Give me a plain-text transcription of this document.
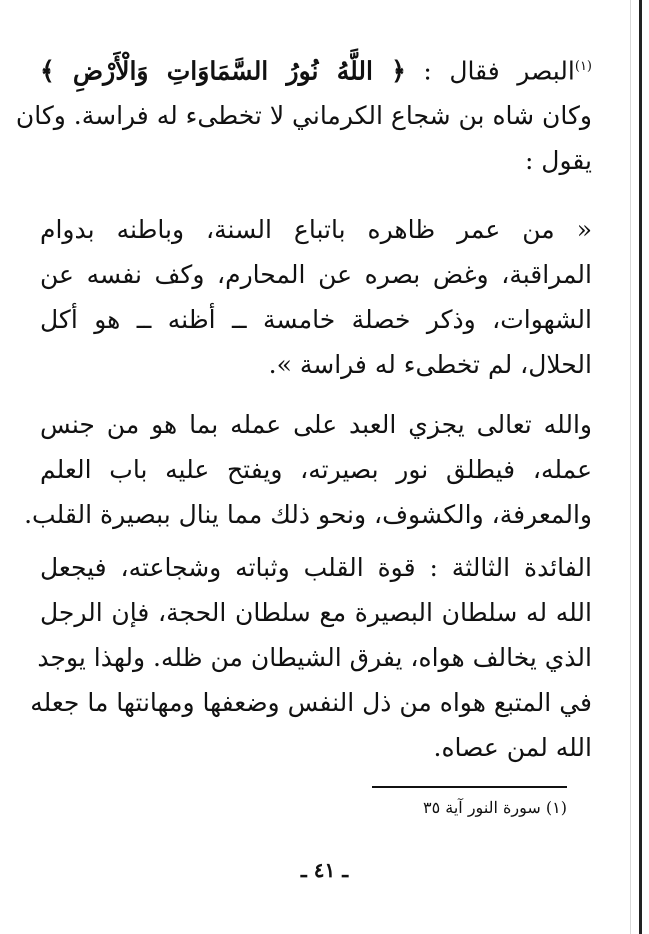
$^{(١)}$البصر فقال : ﴿ اللَّهُ نُورُ السَّمَاوَاتِ وَالْأَرْضِ ﴾
وكان شاه بن شجاع الكرماني لا تخطىء له فراسة. وكان
يقول :
« من عمر ظاهره باتباع السنة، وباطنه بدوام
المراقبة، وغض بصره عن المحارم، وكف نفسه عن
الشهوات، وذكر خصلة خامسة ــ أظنه ــ هو أكل
الحلال، لم تخطىء له فراسة ».
والله تعالى يجزي العبد على عمله بما هو من جنس
عمله، فيطلق نور بصيرته، ويفتح عليه باب العلم
والمعرفة، والكشوف، ونحو ذلك مما ينال ببصيرة القلب.
الفائدة الثالثة : قوة القلب وثباته وشجاعته، فيجعل
الله له سلطان البصيرة مع سلطان الحجة، فإن الرجل
الذي يخالف هواه، يفرق الشيطان من ظله. ولهذا يوجد
في المتبع هواه من ذل النفس وضعفها ومهانتها ما جعله
الله لمن عصاه.
(١) سورة النور آية ٣٥
ـ ٤١ ـ
